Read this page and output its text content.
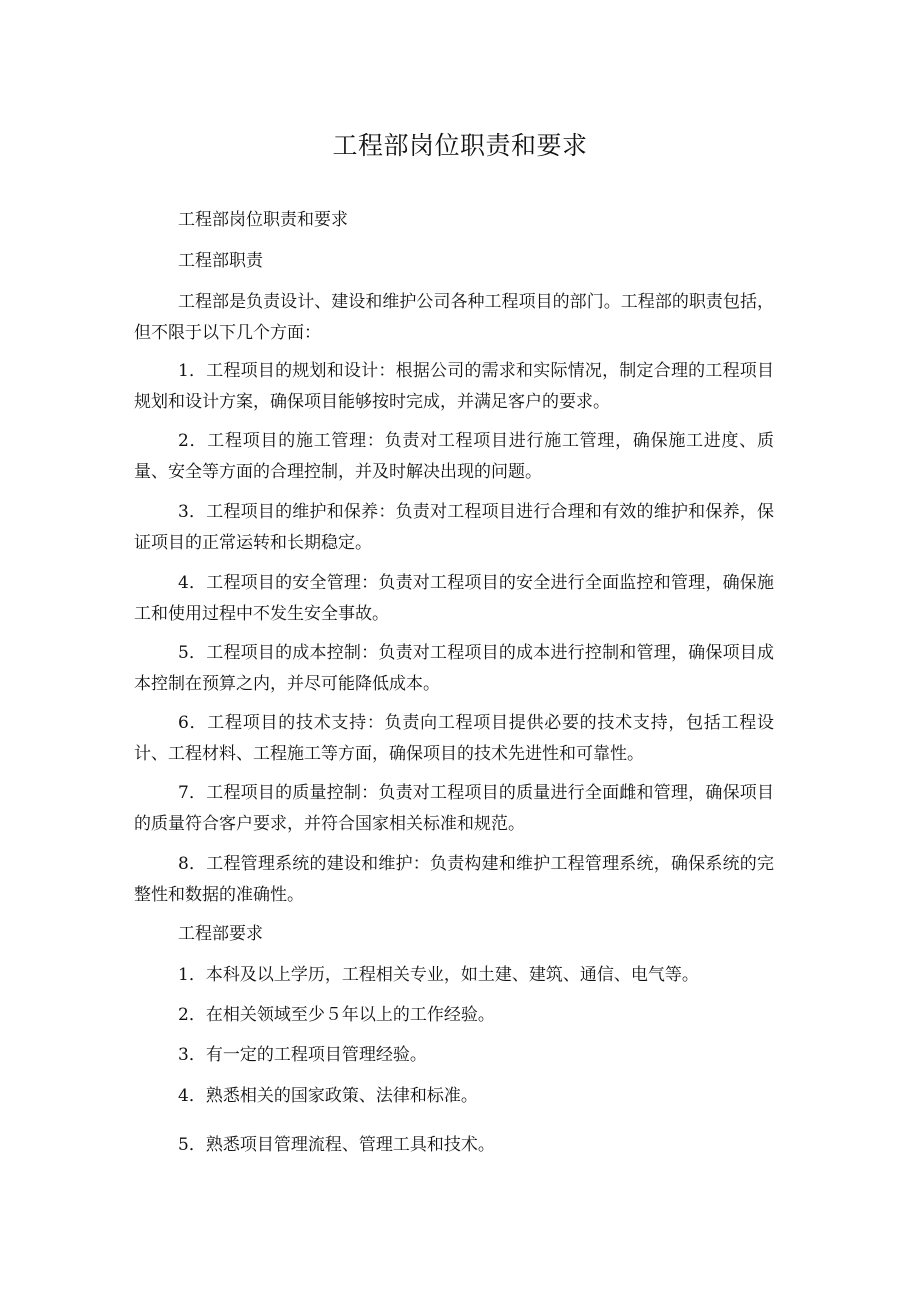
工程部岗位职责和要求
工程部岗位职责和要求
工程部职责
工程部是负责设计、建设和维护公司各种工程项目的部门。工程部的职责包括，但不限于以下几个方面：
1．工程项目的规划和设计：根据公司的需求和实际情况，制定合理的工程项目规划和设计方案，确保项目能够按时完成，并满足客户的要求。
2．工程项目的施工管理：负责对工程项目进行施工管理，确保施工进度、质量、安全等方面的合理控制，并及时解决出现的问题。
3．工程项目的维护和保养：负责对工程项目进行合理和有效的维护和保养，保证项目的正常运转和长期稳定。
4．工程项目的安全管理：负责对工程项目的安全进行全面监控和管理，确保施工和使用过程中不发生安全事故。
5．工程项目的成本控制：负责对工程项目的成本进行控制和管理，确保项目成本控制在预算之内，并尽可能降低成本。
6．工程项目的技术支持：负责向工程项目提供必要的技术支持，包括工程设计、工程材料、工程施工等方面，确保项目的技术先进性和可靠性。
7．工程项目的质量控制：负责对工程项目的质量进行全面雌和管理，确保项目的质量符合客户要求，并符合国家相关标准和规范。
8．工程管理系统的建设和维护：负责构建和维护工程管理系统，确保系统的完整性和数据的准确性。
工程部要求
1．本科及以上学历，工程相关专业，如土建、建筑、通信、电气等。
2．在相关领域至少５年以上的工作经验。
3．有一定的工程项目管理经验。
4．熟悉相关的国家政策、法律和标准。
5．熟悉项目管理流程、管理工具和技术。
